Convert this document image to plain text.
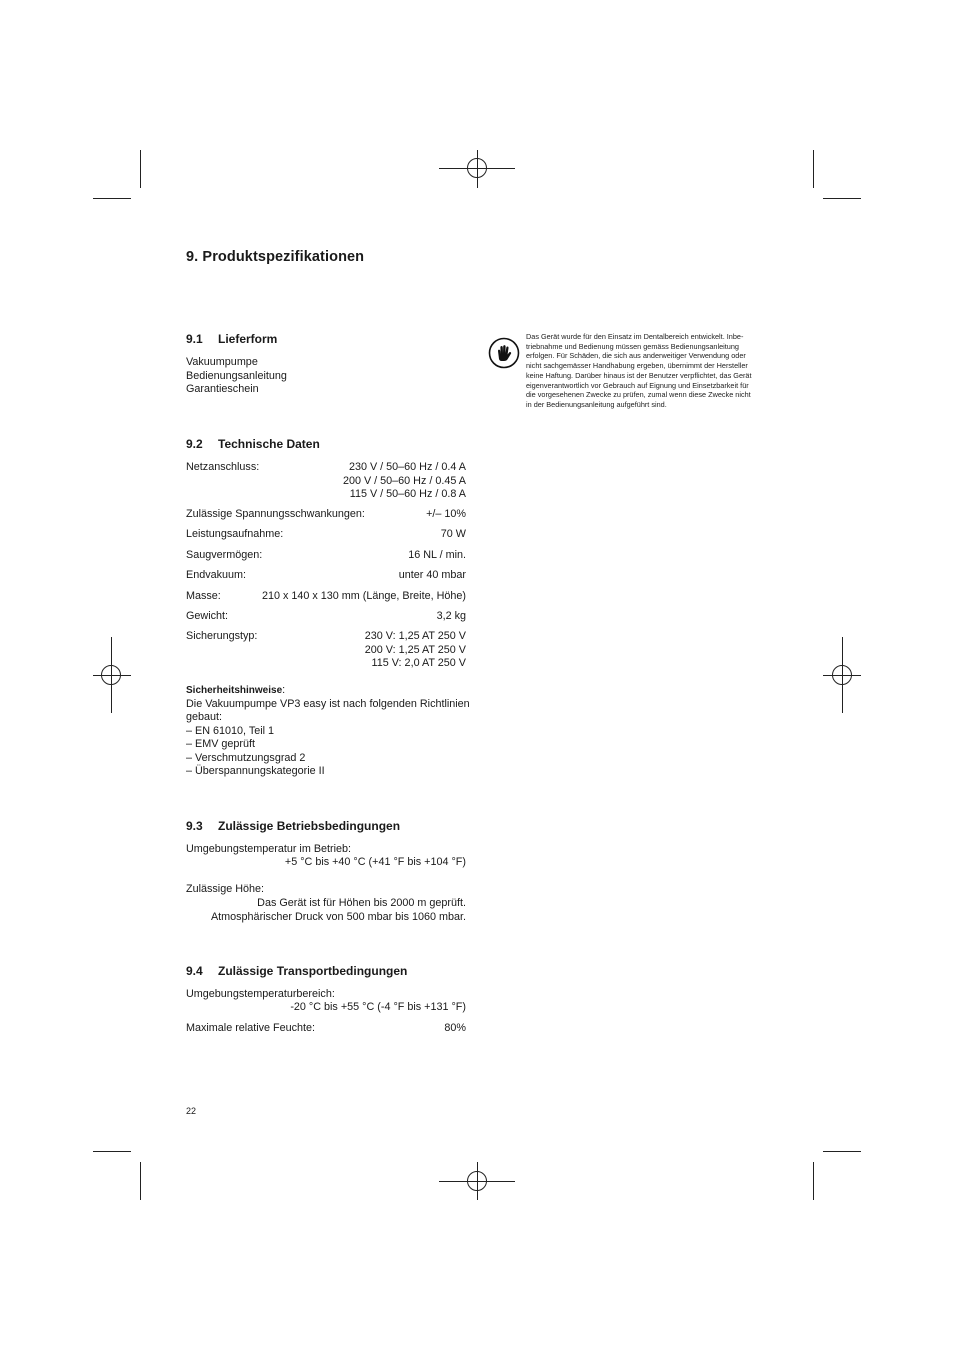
9. Produktspezifikationen
9.1 Lieferform
Vakuumpumpe
Bedienungsanleitung
Garantieschein
9.2 Technische Daten
Netzanschluss:	230 V / 50–60 Hz / 0.4 A
200 V / 50–60 Hz / 0.45 A
115 V / 50–60 Hz / 0.8 A
Zulässige Spannungsschwankungen:	+/– 10%
Leistungsaufnahme:	70 W
Saugvermögen:	16 NL / min.
Endvakuum:	unter 40 mbar
Masse:	210 x 140 x 130 mm (Länge, Breite, Höhe)
Gewicht:	3,2 kg
Sicherungstyp:	230 V: 1,25 AT 250 V
200 V: 1,25 AT 250 V
115 V: 2,0 AT 250 V
Sicherheitshinweise:
Die Vakuumpumpe VP3 easy ist nach folgenden Richtlinien
gebaut:
– EN 61010, Teil 1
– EMV geprüft
– Verschmutzungsgrad 2
– Überspannungskategorie II
9.3 Zulässige Betriebsbedingungen
Umgebungstemperatur im Betrieb:
+5 °C bis +40 °C (+41 °F bis +104 °F)
Zulässige Höhe:
Das Gerät ist für Höhen bis 2000 m geprüft.
Atmosphärischer Druck von 500 mbar bis 1060 mbar.
9.4 Zulässige Transportbedingungen
Umgebungstemperaturbereich:
-20 °C bis +55 °C (-4 °F bis +131 °F)
Maximale relative Feuchte:	80%
Das Gerät wurde für den Einsatz im Dentalbereich entwickelt. Inbe-
triebnahme und Bedienung müssen gemäss Bedienungsanleitung
erfolgen. Für Schäden, die sich aus anderweitiger Verwendung oder
nicht sachgemässer Handhabung ergeben, übernimmt der Hersteller
keine Haftung. Darüber hinaus ist der Benutzer verpflichtet, das Gerät
eigenverantwortlich vor Gebrauch auf Eignung und Einsetzbarkeit für
die vorgesehenen Zwecke zu prüfen, zumal wenn diese Zwecke nicht
in der Bedienungsanleitung aufgeführt sind.
22
